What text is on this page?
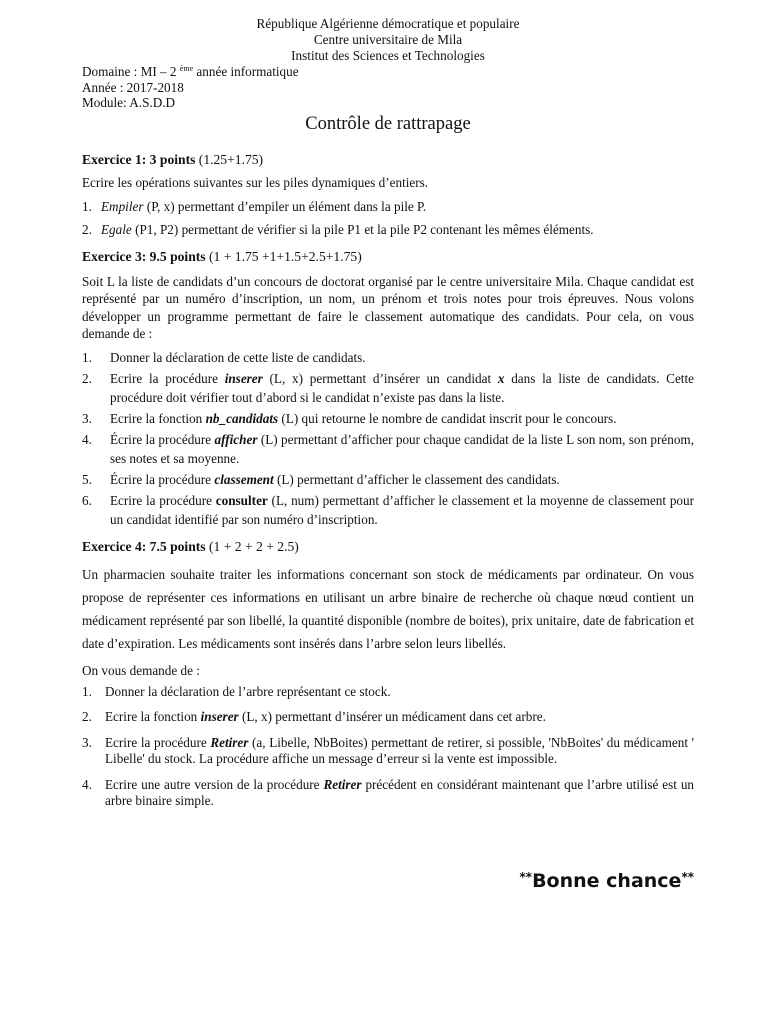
République Algérienne démocratique et populaire
Centre universitaire de Mila
Institut des Sciences et Technologies
Domaine : MI – 2 $^{ème}$ année informatique
Année : 2017-2018
Module: A.S.D.D
Contrôle de rattrapage
Exercice 1: 3 points (1.25+1.75)

Ecrire les opérations suivantes sur les piles dynamiques d’entiers.

1. Empiler (P, x) permettant d’empiler un élément dans la pile P.
2. Egale (P1, P2) permettant de vérifier si la pile P1 et la pile P2 contenant les mêmes éléments.
Exercice 3: 9.5 points (1 + 1.75 +1+1.5+2.5+1.75)

Soit L la liste de candidats d’un concours de doctorat organisé par le centre universitaire Mila. Chaque candidat est représenté par un numéro d’inscription, un nom, un prénom et trois notes pour trois épreuves. Nous volons développer un programme permettant de faire le classement automatique des candidats. Pour cela, on vous demande de :

1.	Donner la déclaration de cette liste de candidats.
2.	Ecrire la procédure inserer (L, x) permettant d’insérer un candidat x dans la liste de candidats. Cette procédure doit vérifier tout d’abord si le candidat n’existe pas dans la liste.
3.	Ecrire la fonction nb_candidats (L) qui retourne le nombre de candidat inscrit pour le concours.
4.	Écrire la procédure afficher (L) permettant d’afficher pour chaque candidat de la liste L son nom, son prénom, ses notes et sa moyenne.
5.	Écrire la procédure classement (L) permettant d’afficher le classement des candidats.
6.	Ecrire la procédure consulter (L, num) permettant d’afficher le classement et la moyenne de classement pour un candidat identifié par son numéro d’inscription.
Exercice 4: 7.5 points (1 + 2 + 2 + 2.5)

Un pharmacien souhaite traiter les informations concernant son stock de médicaments par ordinateur. On vous propose de représenter ces informations en utilisant un arbre binaire de recherche où chaque nœud contient un médicament représenté par son libellé, la quantité disponible (nombre de boites), prix unitaire, date de fabrication et date d’expiration. Les médicaments sont insérés dans l’arbre selon leurs libellés.

On vous demande de :

1. Donner la déclaration de l’arbre représentant ce stock.
2. Ecrire la fonction inserer (L, x) permettant d’insérer un médicament dans cet arbre.
3. Ecrire la procédure Retirer (a, Libelle, NbBoites) permettant de retirer, si possible, 'NbBoites' du médicament ' Libelle' du stock. La procédure affiche un message d’erreur si la vente est impossible.
4. Ecrire une autre version de la procédure Retirer précédent en considérant maintenant que l’arbre utilisé est un arbre binaire simple.
**Bonne chance**
